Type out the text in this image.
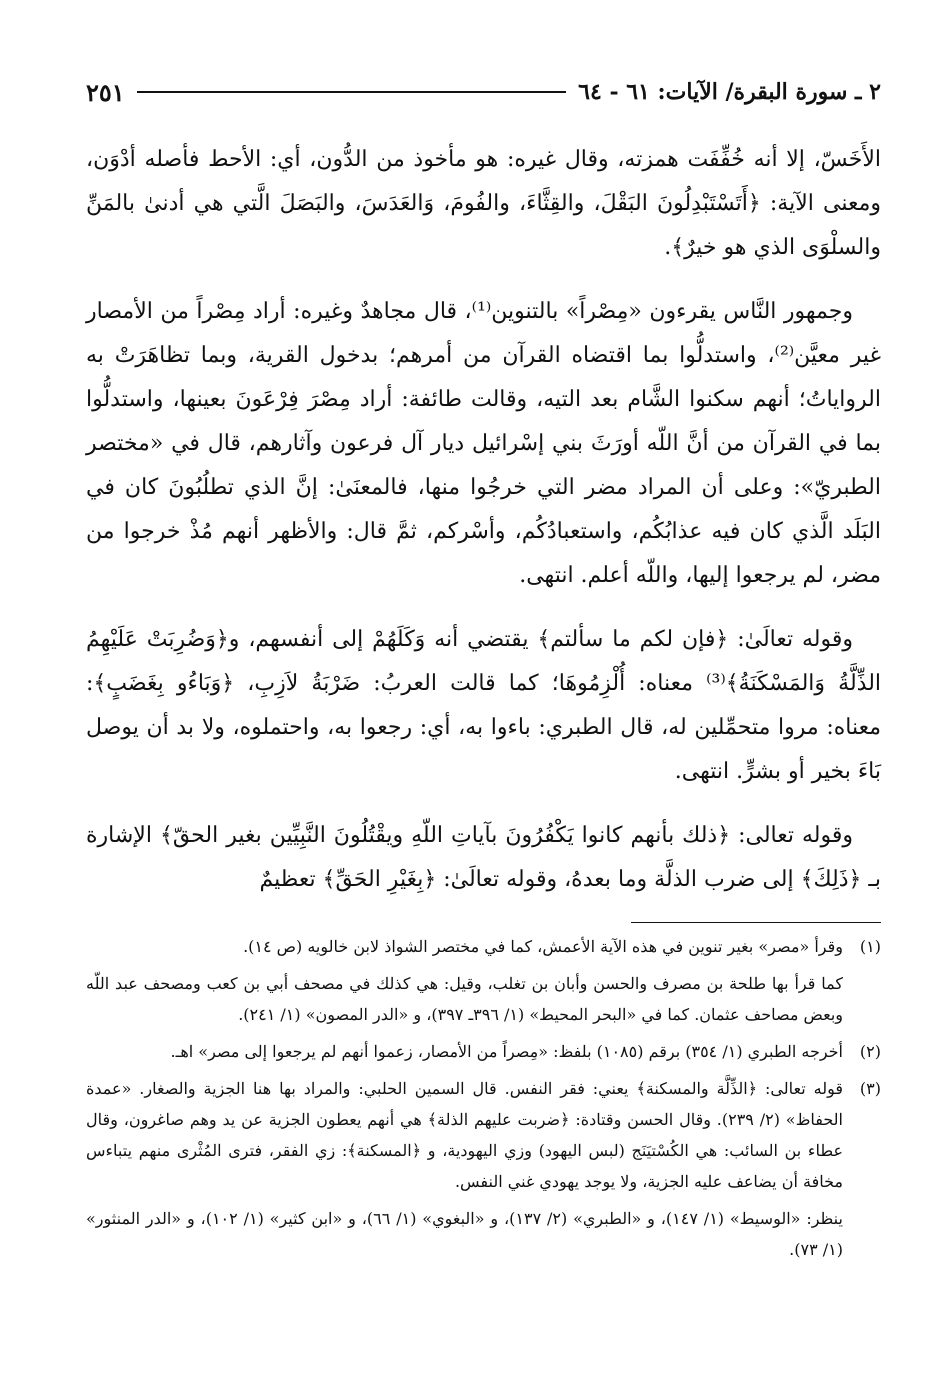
٢ ـ سورة البقرة/ الآيات: ٦١ - ٦٤
٢٥١

الأَخَسّ، إلا أنه خُفِّفَت همزته، وقال غيره: هو مأخوذ من الدُّون، أي: الأحط فأصله أدْوَن، ومعنى الآية: ﴿أَتَسْتَبْدِلُونَ البَقْلَ، والقِثَّاءَ، والفُومَ، وَالعَدَسَ، والبَصَلَ الَّتي هي أدنىٰ بالمَنِّ والسلْوَى الذي هو خيرٌ﴾.

وجمهور النَّاس يقرءون «مِصْراً» بالتنوين⁽¹⁾، قال مجاهدٌ وغيره: أراد مِصْراً من الأمصار غير معيَّن⁽²⁾، واستدلُّوا بما اقتضاه القرآن من أمرهم؛ بدخول القرية، وبما تظاهَرَتْ به الرواياتُ؛ أنهم سكنوا الشَّام بعد التيه، وقالت طائفة: أراد مِصْرَ فِرْعَونَ بعينها، واستدلُّوا بما في القرآن من أنَّ اللّه أورَثَ بني إسْرائيل ديار آل فرعون وآثارهم، قال في «مختصر الطبريّ»: وعلى أن المراد مضر التي خرجُوا منها، فالمعنَىٰ: إنَّ الذي تطلُبُونَ كان في البَلَد الَّذي كان فيه عذابُكُم، واستعبادُكُم، وأسْركم، ثمَّ قال: والأظهر أنهم مُذْ خرجوا من مضر، لم يرجعوا إليها، واللّه أعلم. انتهى.

وقوله تعالَىٰ: ﴿فإن لكم ما سألتم﴾ يقتضي أنه وَكَلَهُمْ إلى أنفسهم، و﴿وَضُرِبَتْ عَلَيْهِمُ الذِّلَّةُ وَالمَسْكَنَةُ﴾⁽³⁾ معناه: أُلْزِمُوهَا؛ كما قالت العربُ: ضَرْبَةُ لاَزِبِ، ﴿وَبَاءُو بِغَضَبٍ﴾: معناه: مروا متحمِّلين له، قال الطبري: باءوا به، أي: رجعوا به، واحتملوه، ولا بد أن يوصل بَاءَ بخير أو بشرٍّ. انتهى.

وقوله تعالى: ﴿ذلك بأنهم كانوا يَكْفُرُونَ بآياتِ اللّهِ ويقْتُلُونَ النَّبِيِّين بغير الحقّ﴾ الإشارة بـ ﴿ذَلِكَ﴾ إلى ضرب الذلَّة وما بعدهُ، وقوله تعالَىٰ: ﴿بِغَيْرِ الحَقِّ﴾ تعظيمٌ

(١)

وقرأ «مصر» بغير تنوين في هذه الآية الأعمش، كما في مختصر الشواذ لابن خالويه (ص ١٤).

كما قرأ بها طلحة بن مصرف والحسن وأبان بن تغلب، وقيل: هي كذلك في مصحف أبي بن كعب ومصحف عبد اللّه وبعض مصاحف عثمان. كما في «البحر المحيط» (١/ ٣٩٦ـ ٣٩٧)، و «الدر المصون» (١/ ٢٤١).

(٢)

أخرجه الطبري (١/ ٣٥٤) برقم (١٠٨٥) بلفظ: «مِصراً من الأمصار، زعموا أنهم لم يرجعوا إلى مصر» اهـ.

(٣)

قوله تعالى: ﴿الذِّلَّة والمسكنة﴾ يعني: فقر النفس. قال السمين الحلبي: والمراد بها هنا الجزية والصغار. «عمدة الحفاظ» (٢/ ٢٣٩). وقال الحسن وقتادة: ﴿ضربت عليهم الذلة﴾ هي أنهم يعطون الجزية عن يد وهم صاغرون، وقال عطاء بن السائب: هي الكُسْتيَنَج (لبس اليهود) وزي اليهودية، و ﴿المسكنة﴾: زي الفقر، فترى المُثْرى منهم يتباءس مخافة أن يضاعف عليه الجزية، ولا يوجد يهودي غني النفس.

ينظر: «الوسيط» (١/ ١٤٧)، و «الطبري» (٢/ ١٣٧)، و «البغوي» (١/ ٦٦)، و «ابن كثير» (١/ ١٠٢)، و «الدر المنثور» (١/ ٧٣).
